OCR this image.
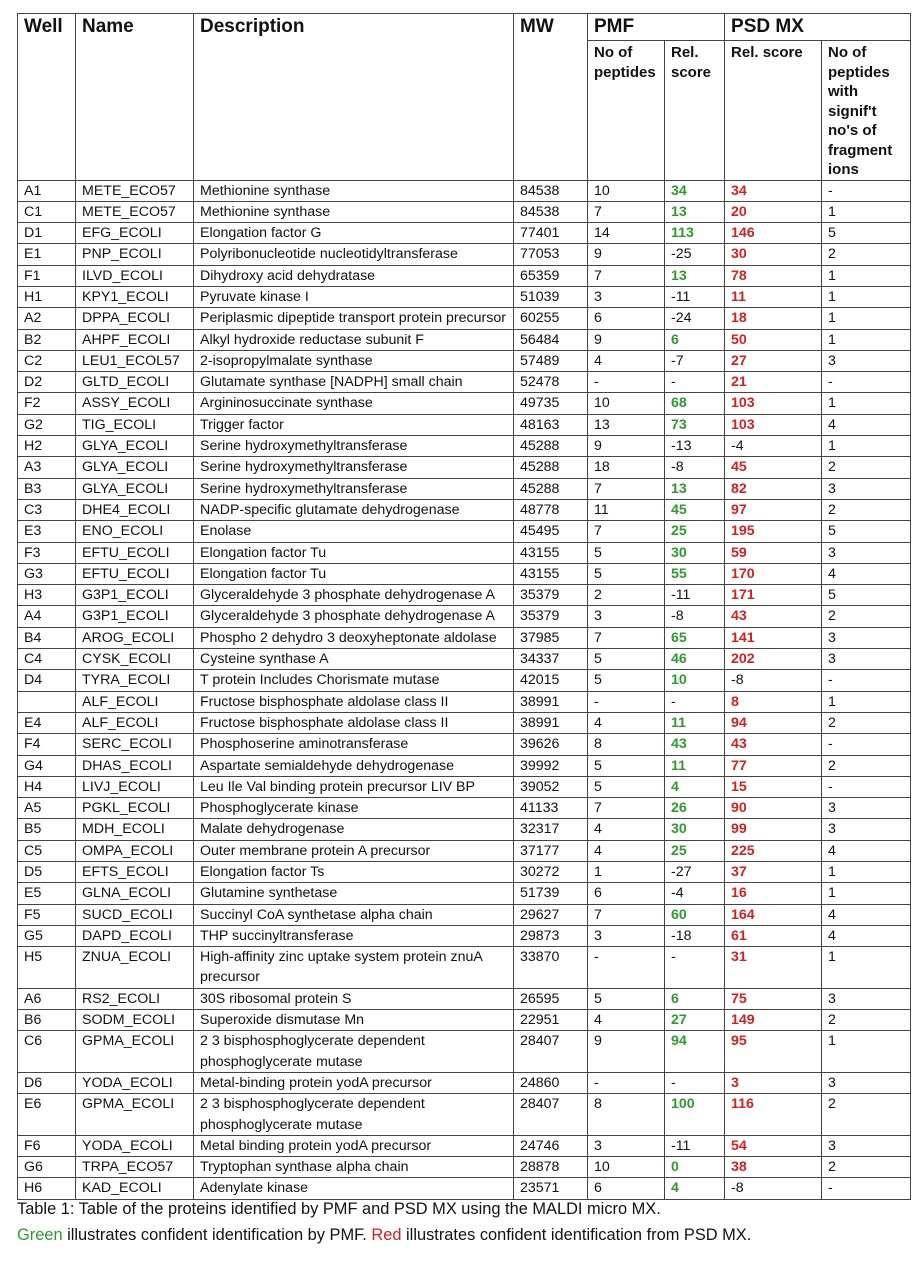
Well	Name	Description	MW	PMF		PSD MX	
				No of peptides	Rel. score	Rel. score	No of peptides with signif't no's of fragment ions
A1	METE_ECO57	Methionine synthase	84538	10	34	34	-
C1	METE_ECO57	Methionine synthase	84538	7	13	20	1
D1	EFG_ECOLI	Elongation factor G	77401	14	113	146	5
E1	PNP_ECOLI	Polyribonucleotide nucleotidyltransferase	77053	9	-25	30	2
F1	ILVD_ECOLI	Dihydroxy acid dehydratase	65359	7	13	78	1
H1	KPY1_ECOLI	Pyruvate kinase I	51039	3	-11	11	1
A2	DPPA_ECOLI	Periplasmic dipeptide transport protein precursor	60255	6	-24	18	1
B2	AHPF_ECOLI	Alkyl hydroxide reductase subunit F	56484	9	6	50	1
C2	LEU1_ECOL57	2-isopropylmalate synthase	57489	4	-7	27	3
D2	GLTD_ECOLI	Glutamate synthase [NADPH] small chain	52478	-	-	21	-
F2	ASSY_ECOLI	Argininosuccinate synthase	49735	10	68	103	1
G2	TIG_ECOLI	Trigger factor	48163	13	73	103	4
H2	GLYA_ECOLI	Serine hydroxymethyltransferase	45288	9	-13	-4	1
A3	GLYA_ECOLI	Serine hydroxymethyltransferase	45288	18	-8	45	2
B3	GLYA_ECOLI	Serine hydroxymethyltransferase	45288	7	13	82	3
C3	DHE4_ECOLI	NADP-specific glutamate dehydrogenase	48778	11	45	97	2
E3	ENO_ECOLI	Enolase	45495	7	25	195	5
F3	EFTU_ECOLI	Elongation factor Tu	43155	5	30	59	3
G3	EFTU_ECOLI	Elongation factor Tu	43155	5	55	170	4
H3	G3P1_ECOLI	Glyceraldehyde 3 phosphate dehydrogenase A	35379	2	-11	171	5
A4	G3P1_ECOLI	Glyceraldehyde 3 phosphate dehydrogenase A	35379	3	-8	43	2
B4	AROG_ECOLI	Phospho 2 dehydro 3 deoxyheptonate aldolase	37985	7	65	141	3
C4	CYSK_ECOLI	Cysteine synthase A	34337	5	46	202	3
D4	TYRA_ECOLI	T protein Includes Chorismate mutase	42015	5	10	-8	-
	ALF_ECOLI	Fructose bisphosphate aldolase class II	38991	-	-	8	1
E4	ALF_ECOLI	Fructose bisphosphate aldolase class II	38991	4	11	94	2
F4	SERC_ECOLI	Phosphoserine aminotransferase	39626	8	43	43	-
G4	DHAS_ECOLI	Aspartate semialdehyde dehydrogenase	39992	5	11	77	2
H4	LIVJ_ECOLI	Leu Ile Val binding protein precursor LIV BP	39052	5	4	15	-
A5	PGKL_ECOLI	Phosphoglycerate kinase	41133	7	26	90	3
B5	MDH_ECOLI	Malate dehydrogenase	32317	4	30	99	3
C5	OMPA_ECOLI	Outer membrane protein A precursor	37177	4	25	225	4
D5	EFTS_ECOLI	Elongation factor Ts	30272	1	-27	37	1
E5	GLNA_ECOLI	Glutamine synthetase	51739	6	-4	16	1
F5	SUCD_ECOLI	Succinyl CoA synthetase alpha chain	29627	7	60	164	4
G5	DAPD_ECOLI	THP succinyltransferase	29873	3	-18	61	4
H5	ZNUA_ECOLI	High-affinity zinc uptake system protein znuA precursor	33870	-	-	31	1
A6	RS2_ECOLI	30S ribosomal protein S	26595	5	6	75	3
B6	SODM_ECOLI	Superoxide dismutase Mn	22951	4	27	149	2
C6	GPMA_ECOLI	2 3 bisphosphoglycerate dependent phosphoglycerate mutase	28407	9	94	95	1
D6	YODA_ECOLI	Metal-binding protein yodA precursor	24860	-	-	3	3
E6	GPMA_ECOLI	2 3 bisphosphoglycerate dependent phosphoglycerate mutase	28407	8	100	116	2
F6	YODA_ECOLI	Metal binding protein yodA precursor	24746	3	-11	54	3
G6	TRPA_ECO57	Tryptophan synthase alpha chain	28878	10	0	38	2
H6	KAD_ECOLI	Adenylate kinase	23571	6	4	-8	-

Table 1: Table of the proteins identified by PMF and PSD MX using the MALDI micro MX.

Green illustrates confident identification by PMF. Red illustrates confident identification from PSD MX.
